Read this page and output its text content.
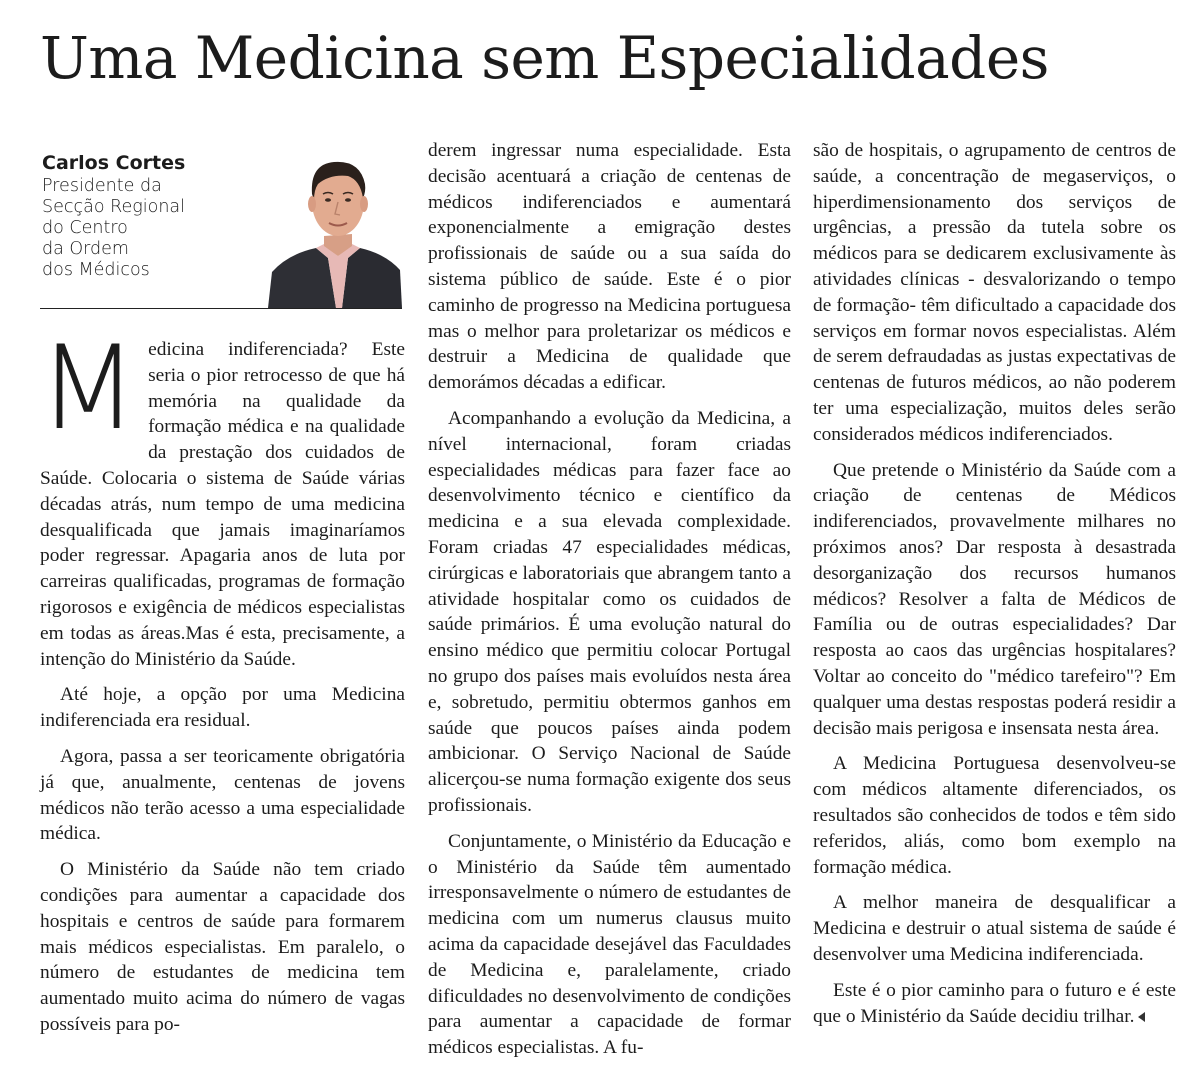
Uma Medicina sem Especialidades
Carlos Cortes
Presidente da
Secção Regional
do Centro
da Ordem
dos Médicos

Medicina indiferenciada? Este seria o pior retrocesso de que há memória na qualidade da formação médica e na qualidade da prestação dos cuidados de Saúde. Colocaria o sistema de Saúde várias décadas atrás, num tempo de uma medicina desqualificada que jamais imaginaríamos poder regressar. Apagaria anos de luta por carreiras qualificadas, programas de formação rigorosos e exigência de médicos especialistas em todas as áreas.Mas é esta, precisamente, a intenção do Ministério da Saúde.

Até hoje, a opção por uma Medicina indiferenciada era residual.

Agora, passa a ser teoricamente obrigatória já que, anualmente, centenas de jovens médicos não terão acesso a uma especialidade médica.

O Ministério da Saúde não tem criado condições para aumentar a capacidade dos hospitais e centros de saúde para formarem mais médicos especialistas. Em paralelo, o número de estudantes de medicina tem aumentado muito acima do número de vagas possíveis para po-

derem ingressar numa especialidade. Esta decisão acentuará a criação de centenas de médicos indiferenciados e aumentará exponencialmente a emigração destes profissionais de saúde ou a sua saída do sistema público de saúde. Este é o pior caminho de progresso na Medicina portuguesa mas o melhor para proletarizar os médicos e destruir a Medicina de qualidade que demorámos décadas a edificar.

Acompanhando a evolução da Medicina, a nível internacional, foram criadas especialidades médicas para fazer face ao desenvolvimento técnico e científico da medicina e a sua elevada complexidade. Foram criadas 47 especialidades médicas, cirúrgicas e laboratoriais que abrangem tanto a atividade hospitalar como os cuidados de saúde primários. É uma evolução natural do ensino médico que permitiu colocar Portugal no grupo dos países mais evoluídos nesta área e, sobretudo, permitiu obtermos ganhos em saúde que poucos países ainda podem ambicionar. O Serviço Nacional de Saúde alicerçou-se numa formação exigente dos seus profissionais.

Conjuntamente, o Ministério da Educação e o Ministério da Saúde têm aumentado irresponsavelmente o número de estudantes de medicina com um numerus clausus muito acima da capacidade desejável das Faculdades de Medicina e, paralelamente, criado dificuldades no desenvolvimento de condições para aumentar a capacidade de formar médicos especialistas. A fu-

são de hospitais, o agrupamento de centros de saúde, a concentração de megaserviços, o hiperdimensionamento dos serviços de urgências, a pressão da tutela sobre os médicos para se dedicarem exclusivamente às atividades clínicas - desvalorizando o tempo de formação- têm dificultado a capacidade dos serviços em formar novos especialistas. Além de serem defraudadas as justas expectativas de centenas de futuros médicos, ao não poderem ter uma especialização, muitos deles serão considerados médicos indiferenciados.

Que pretende o Ministério da Saúde com a criação de centenas de Médicos indiferenciados, provavelmente milhares no próximos anos? Dar resposta à desastrada desorganização dos recursos humanos médicos? Resolver a falta de Médicos de Família ou de outras especialidades? Dar resposta ao caos das urgências hospitalares? Voltar ao conceito do "médico tarefeiro"? Em qualquer uma destas respostas poderá residir a decisão mais perigosa e insensata nesta área.

A Medicina Portuguesa desenvolveu-se com médicos altamente diferenciados, os resultados são conhecidos de todos e têm sido referidos, aliás, como bom exemplo na formação médica.

A melhor maneira de desqualificar a Medicina e destruir o atual sistema de saúde é desenvolver uma Medicina indiferenciada.

Este é o pior caminho para o futuro e é este que o Ministério da Saúde decidiu trilhar.
